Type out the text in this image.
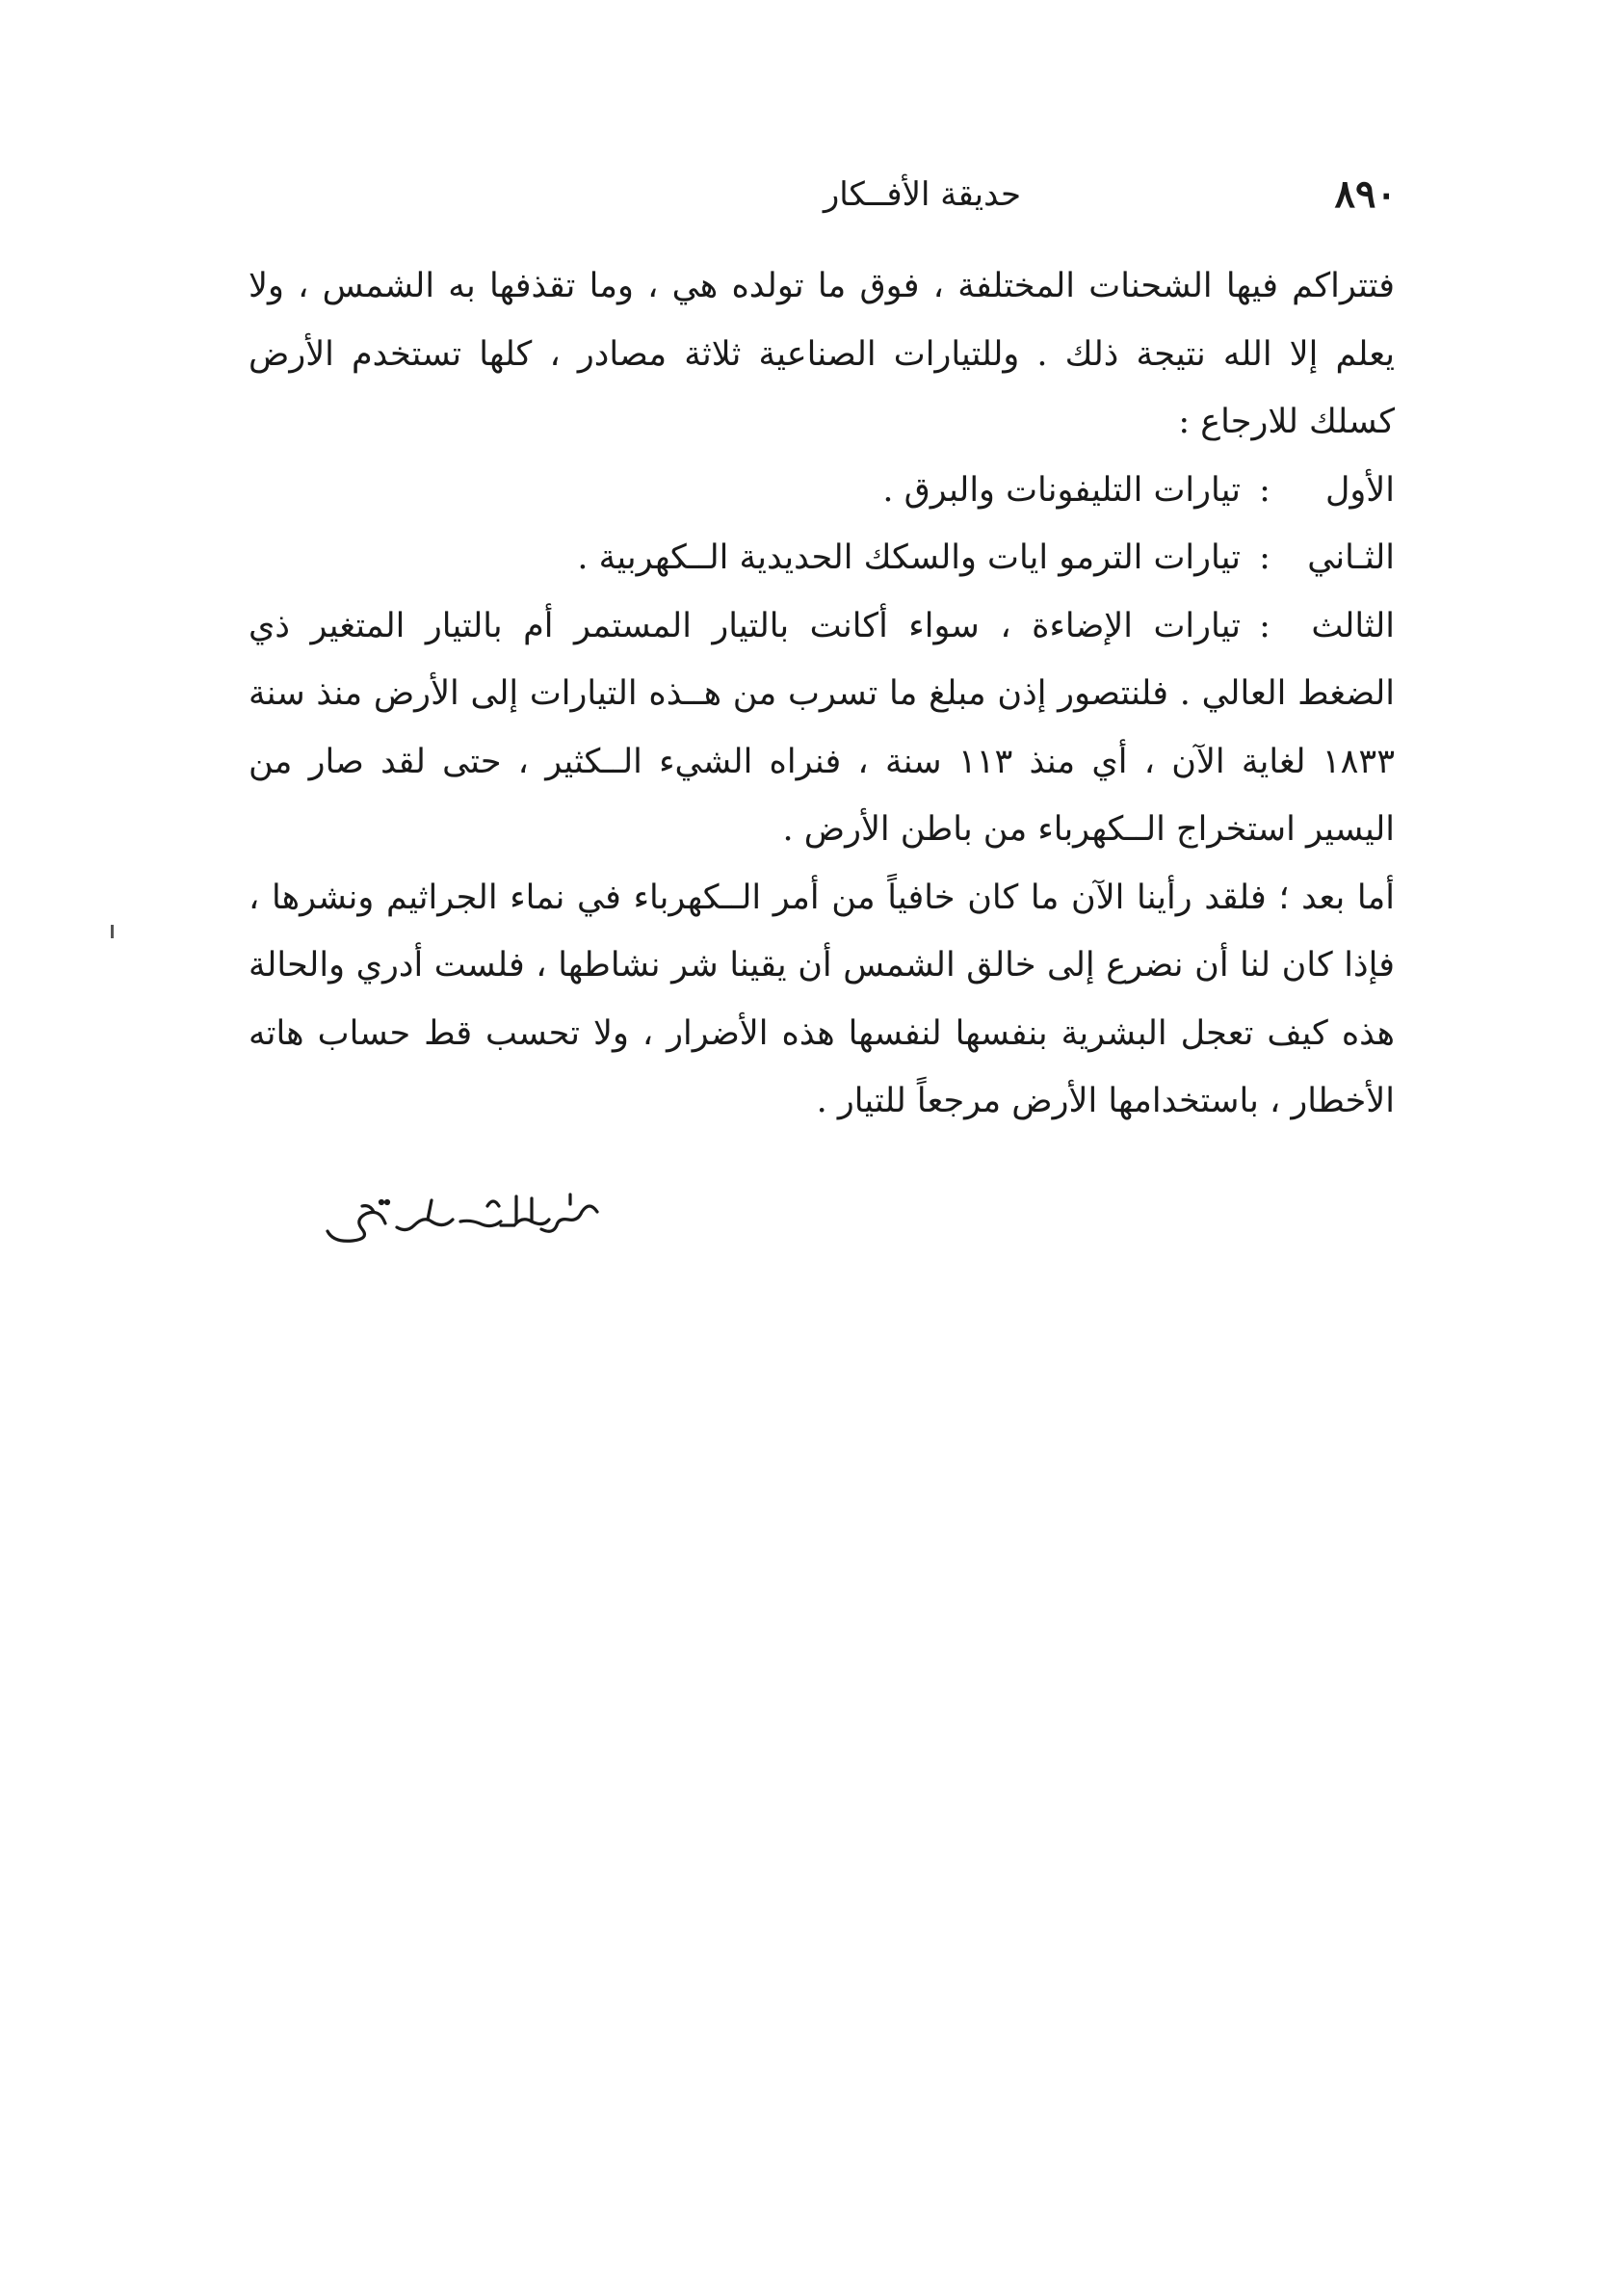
٨٩٠
حديقة الأفــكار

فتتراكم فيها الشحنات المختلفة ، فوق ما تولده هي ، وما تقذفها به الشمس ، ولا يعلم إلا الله نتيجة ذلك . وللتيارات الصناعية ثلاثة مصادر ، كلها تستخدم الأرض كسلك للارجاع :

الأول
:
تيارات التليفونات والبرق .

الثـاني
:
تيارات الترمو ايات والسكك الحديدية الــكهربية .

الثالث:تيارات الإضاءة ، سواء أكانت بالتيار المستمر أم بالتيار المتغير ذي الضغط العالي . فلنتصور إذن مبلغ ما تسرب من هــذه التيارات إلى الأرض منذ سنة ١٨٣٣ لغاية الآن ، أي منذ ١١٣ سنة ، فنراه الشيء الــكثير ، حتى لقد صار من اليسير استخراج الــكهرباء من باطن الأرض .

أما بعد ؛ فلقد رأينا الآن ما كان خافياً من أمر الــكهرباء في نماء الجراثيم ونشرها ، فإذا كان لنا أن نضرع إلى خالق الشمس أن يقينا شر نشاطها ، فلست أدري والحالة هذه كيف تعجل البشرية بنفسها لنفسها هذه الأضرار ، ولا تحسب قط حساب هاته الأخطار ، باستخدامها الأرض مرجعاً للتيار .
